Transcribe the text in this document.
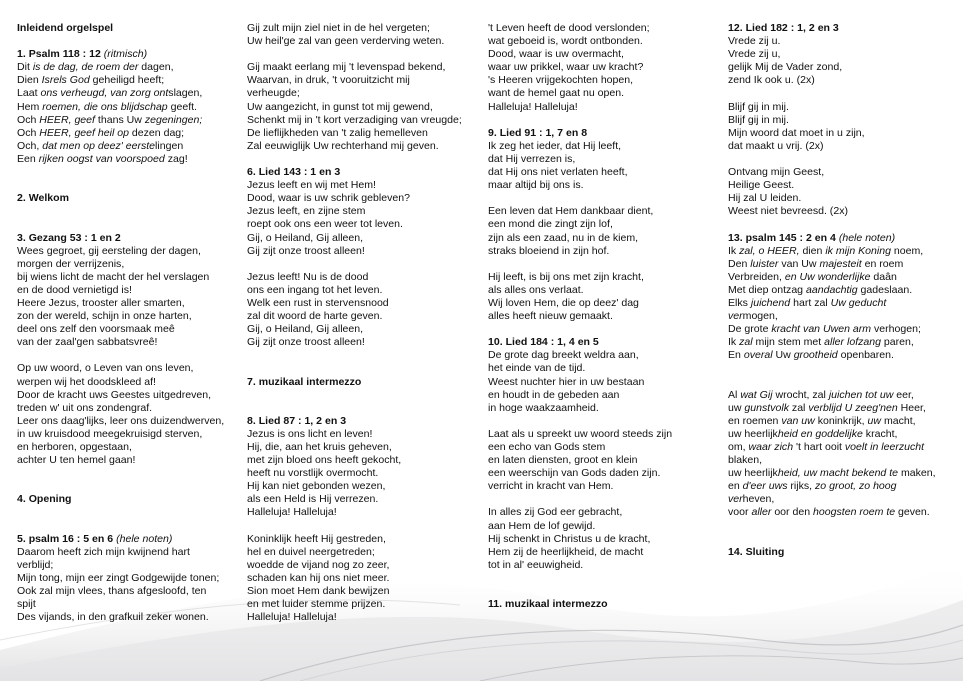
Inleidend orgelspel
1. Psalm 118 : 12 (ritmisch)
Dit is de dag, de roem der dagen,
Dien Isrels God geheiligd heeft;
Laat ons verheugd, van zorg ontslagen,
Hem roemen, die ons blijdschap geeft.
Och HEER, geef thans Uw zegeningen;
Och HEER, geef heil op dezen dag;
Och, dat men op deez' eerstelingen
Een rijken oogst van voorspoed zag!
2. Welkom
3. Gezang 53 : 1 en 2
Wees gegroet, gij eersteling der dagen,
morgen der verrijzenis,
bij wiens licht de macht der hel verslagen
en de dood vernietigd is!
Heere Jezus, trooster aller smarten,
zon der wereld, schijn in onze harten,
deel ons zelf den voorsmaak meê
van der zaal'gen sabbatsvreê!
Op uw woord, o Leven van ons leven,
werpen wij het doodskleed af!
Door de kracht uws Geestes uitgedreven,
treden w' uit ons zondengraf.
Leer ons daag'lijks, leer ons duizendwerven,
in uw kruisdood meegekruisigd sterven,
en herboren, opgestaan,
achter U ten hemel gaan!
4. Opening
5. psalm 16 : 5 en 6 (hele noten)
Daarom heeft zich mijn kwijnend hart
verblijd;
Mijn tong, mijn eer zingt Godgewijde tonen;
Ook zal mijn vlees, thans afgesloofd, ten
spijt
Des vijands, in den grafkuil zeker wonen.
Gij zult mijn ziel niet in de hel vergeten;
Uw heil'ge zal van geen verderving weten.
Gij maakt eerlang mij 't levenspad bekend,
Waarvan, in druk, 't vooruitzicht mij
verheugde;
Uw aangezicht, in gunst tot mij gewend,
Schenkt mij in 't kort verzadiging van vreugde;
De lieflijkheden van 't zalig hemelleven
Zal eeuwiglijk Uw rechterhand mij geven.
6. Lied 143 : 1 en 3
Jezus leeft en wij met Hem!
Dood, waar is uw schrik gebleven?
Jezus leeft, en zijne stem
roept ook ons een weer tot leven.
Gij, o Heiland, Gij alleen,
Gij zijt onze troost alleen!
Jezus leeft! Nu is de dood
ons een ingang tot het leven.
Welk een rust in stervensnood
zal dit woord de harte geven.
Gij, o Heiland, Gij alleen,
Gij zijt onze troost alleen!
7. muzikaal intermezzo
8. Lied 87 : 1, 2 en 3
Jezus is ons licht en leven!
Hij, die, aan het kruis geheven,
met zijn bloed ons heeft gekocht,
heeft nu vorstlijk overmocht.
Hij kan niet gebonden wezen,
als een Held is Hij verrezen.
Halleluja! Halleluja!
Koninklijk heeft Hij gestreden,
hel en duivel neergetreden;
woedde de vijand nog zo zeer,
schaden kan hij ons niet meer.
Sion moet Hem dank bewijzen
en met luider stemme prijzen.
Halleluja! Halleluja!
't Leven heeft de dood verslonden;
wat geboeid is, wordt ontbonden.
Dood, waar is uw overmacht,
waar uw prikkel, waar uw kracht?
's Heeren vrijgekochten hopen,
want de hemel gaat nu open.
Halleluja! Halleluja!
9. Lied 91 : 1, 7 en 8
Ik zeg het ieder, dat Hij leeft,
dat Hij verrezen is,
dat Hij ons niet verlaten heeft,
maar altijd bij ons is.
Een leven dat Hem dankbaar dient,
een mond die zingt zijn lof,
zijn als een zaad, nu in de kiem,
straks bloeiend in zijn hof.
Hij leeft, is bij ons met zijn kracht,
als alles ons verlaat.
Wij loven Hem, die op deez' dag
alles heeft nieuw gemaakt.
10. Lied 184 : 1, 4 en 5
De grote dag breekt weldra aan,
het einde van de tijd.
Weest nuchter hier in uw bestaan
en houdt in de gebeden aan
in hoge waakzaamheid.
Laat als u spreekt uw woord steeds zijn
een echo van Gods stem
en laten diensten, groot en klein
een weerschijn van Gods daden zijn.
verricht in kracht van Hem.
In alles zij God eer gebracht,
aan Hem de lof gewijd.
Hij schenkt in Christus u de kracht,
Hem zij de heerlijkheid, de macht
tot in al' eeuwigheid.
11. muzikaal intermezzo
12. Lied 182 : 1, 2 en 3
Vrede zij u.
Vrede zij u,
gelijk Mij de Vader zond,
zend Ik ook u. (2x)
Blijf gij in mij.
Blijf gij in mij.
Mijn woord dat moet in u zijn,
dat maakt u vrij. (2x)
Ontvang mijn Geest,
Heilige Geest.
Hij zal U leiden.
Weest niet bevreesd. (2x)
13. psalm 145 : 2 en 4 (hele noten)
Ik zal, o HEER, dien ik mijn Koning noem,
Den luister van Uw majesteit en roem
Verbreiden, en Uw wonderlijke daân
Met diep ontzag aandachtig gadeslaan.
Elks juichend hart zal Uw geducht
vermogen,
De grote kracht van Uwen arm verhogen;
Ik zal mijn stem met aller lofzang paren,
En overal Uw grootheid openbaren.
Al wat Gij wrocht, zal juichen tot uw eer,
uw gunstvolk zal verblijd U zeeg'nen Heer,
en roemen van uw koninkrijk, uw macht,
uw heerlijkheid en goddelijke kracht,
om, waar zich 't hart ooit voelt in leerzucht
blaken,
uw heerlijkheid, uw macht bekend te maken,
en d'eer uws rijks, zo groot, zo hoog
verheven,
voor aller oor den hoogsten roem te geven.
14. Sluiting
